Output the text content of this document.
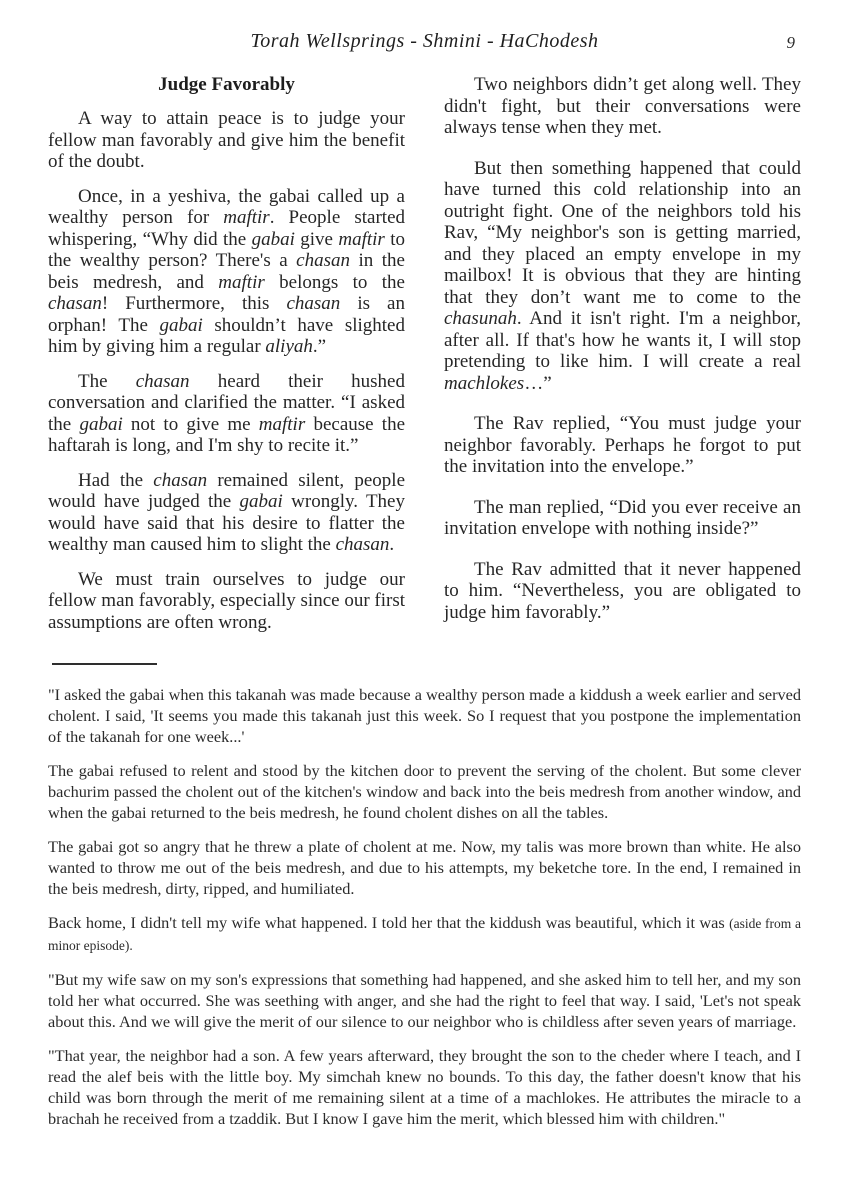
Torah Wellsprings - Shmini - HaChodesh	9
Judge Favorably

A way to attain peace is to judge your fellow man favorably and give him the benefit of the doubt.

Once, in a yeshiva, the gabai called up a wealthy person for maftir. People started whispering, “Why did the gabai give maftir to the wealthy person? There's a chasan in the beis medresh, and maftir belongs to the chasan! Furthermore, this chasan is an orphan! The gabai shouldn’t have slighted him by giving him a regular aliyah.”

The chasan heard their hushed conversation and clarified the matter. “I asked the gabai not to give me maftir because the haftarah is long, and I'm shy to recite it.”

Had the chasan remained silent, people would have judged the gabai wrongly. They would have said that his desire to flatter the wealthy man caused him to slight the chasan.

We must train ourselves to judge our fellow man favorably, especially since our first assumptions are often wrong.

Two neighbors didn’t get along well. They didn't fight, but their conversations were always tense when they met.

But then something happened that could have turned this cold relationship into an outright fight. One of the neighbors told his Rav, “My neighbor's son is getting married, and they placed an empty envelope in my mailbox! It is obvious that they are hinting that they don’t want me to come to the chasunah. And it isn't right. I'm a neighbor, after all. If that's how he wants it, I will stop pretending to like him. I will create a real machlokes…”

The Rav replied, “You must judge your neighbor favorably. Perhaps he forgot to put the invitation into the envelope.”

The man replied, “Did you ever receive an invitation envelope with nothing inside?”

The Rav admitted that it never happened to him. “Nevertheless, you are obligated to judge him favorably.”

"I asked the gabai when this takanah was made because a wealthy person made a kiddush a week earlier and served cholent. I said, 'It seems you made this takanah just this week. So I request that you postpone the implementation of the takanah for one week...'

The gabai refused to relent and stood by the kitchen door to prevent the serving of the cholent. But some clever bachurim passed the cholent out of the kitchen's window and back into the beis medresh from another window, and when the gabai returned to the beis medresh, he found cholent dishes on all the tables.

The gabai got so angry that he threw a plate of cholent at me. Now, my talis was more brown than white. He also wanted to throw me out of the beis medresh, and due to his attempts, my beketche tore. In the end, I remained in the beis medresh, dirty, ripped, and humiliated.

Back home, I didn't tell my wife what happened. I told her that the kiddush was beautiful, which it was (aside from a minor episode).

"But my wife saw on my son's expressions that something had happened, and she asked him to tell her, and my son told her what occurred. She was seething with anger, and she had the right to feel that way. I said, 'Let's not speak about this. And we will give the merit of our silence to our neighbor who is childless after seven years of marriage.

"That year, the neighbor had a son. A few years afterward, they brought the son to the cheder where I teach, and I read the alef beis with the little boy. My simchah knew no bounds. To this day, the father doesn't know that his child was born through the merit of me remaining silent at a time of a machlokes. He attributes the miracle to a brachah he received from a tzaddik. But I know I gave him the merit, which blessed him with children."
